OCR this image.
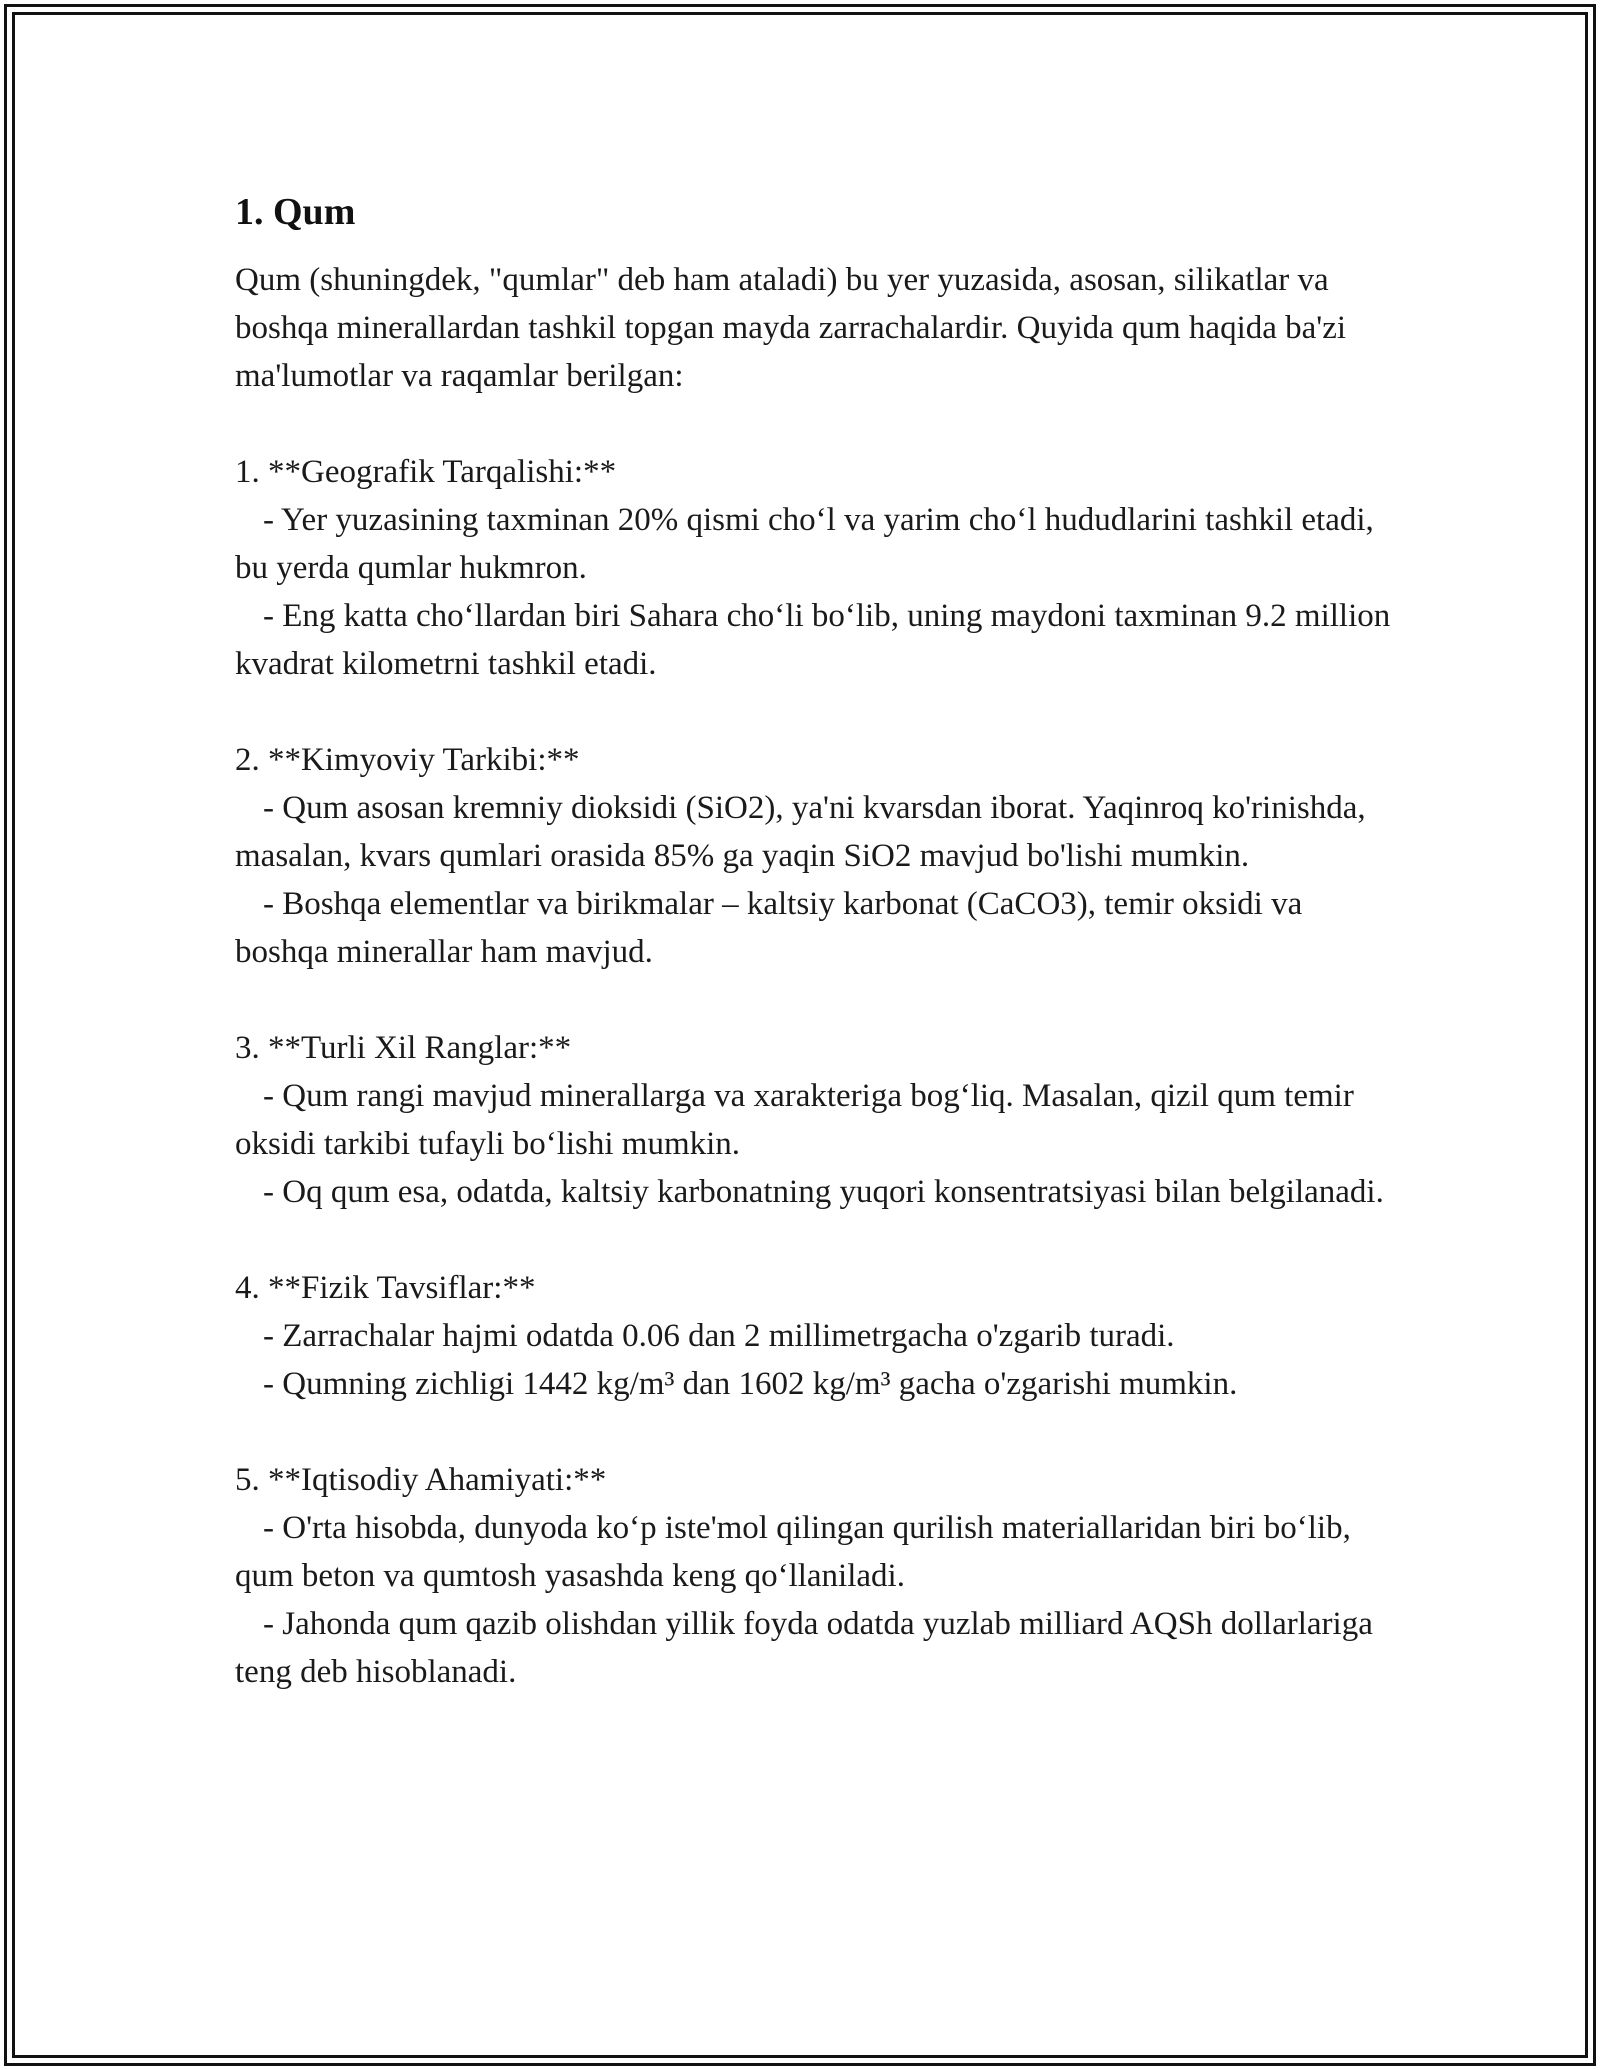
1. Qum

Qum (shuningdek, "qumlar" deb ham ataladi) bu yer yuzasida, asosan, silikatlar va boshqa minerallardan tashkil topgan mayda zarrachalardir. Quyida qum haqida ba'zi ma'lumotlar va raqamlar berilgan:

1. **Geografik Tarqalishi:**

- Yer yuzasining taxminan 20% qismi cho‘l va yarim cho‘l hududlarini tashkil etadi, bu yerda qumlar hukmron.

- Eng katta cho‘llardan biri Sahara cho‘li bo‘lib, uning maydoni taxminan 9.2 million kvadrat kilometrni tashkil etadi.

2. **Kimyoviy Tarkibi:**

- Qum asosan kremniy dioksidi (SiO2), ya'ni kvarsdan iborat. Yaqinroq ko'rinishda, masalan, kvars qumlari orasida 85% ga yaqin SiO2 mavjud bo'lishi mumkin.

- Boshqa elementlar va birikmalar – kaltsiy karbonat (CaCO3), temir oksidi va boshqa minerallar ham mavjud.

3. **Turli Xil Ranglar:**

- Qum rangi mavjud minerallarga va xarakteriga bog‘liq. Masalan, qizil qum temir oksidi tarkibi tufayli bo‘lishi mumkin.

- Oq qum esa, odatda, kaltsiy karbonatning yuqori konsentratsiyasi bilan belgilanadi.

4. **Fizik Tavsiflar:**

- Zarrachalar hajmi odatda 0.06 dan 2 millimetrgacha o'zgarib turadi.

- Qumning zichligi 1442 kg/m³ dan 1602 kg/m³ gacha o'zgarishi mumkin.

5. **Iqtisodiy Ahamiyati:**

- O'rta hisobda, dunyoda ko‘p iste'mol qilingan qurilish materiallaridan biri bo‘lib, qum beton va qumtosh yasashda keng qo‘llaniladi.

- Jahonda qum qazib olishdan yillik foyda odatda yuzlab milliard AQSh dollarlariga teng deb hisoblanadi.
